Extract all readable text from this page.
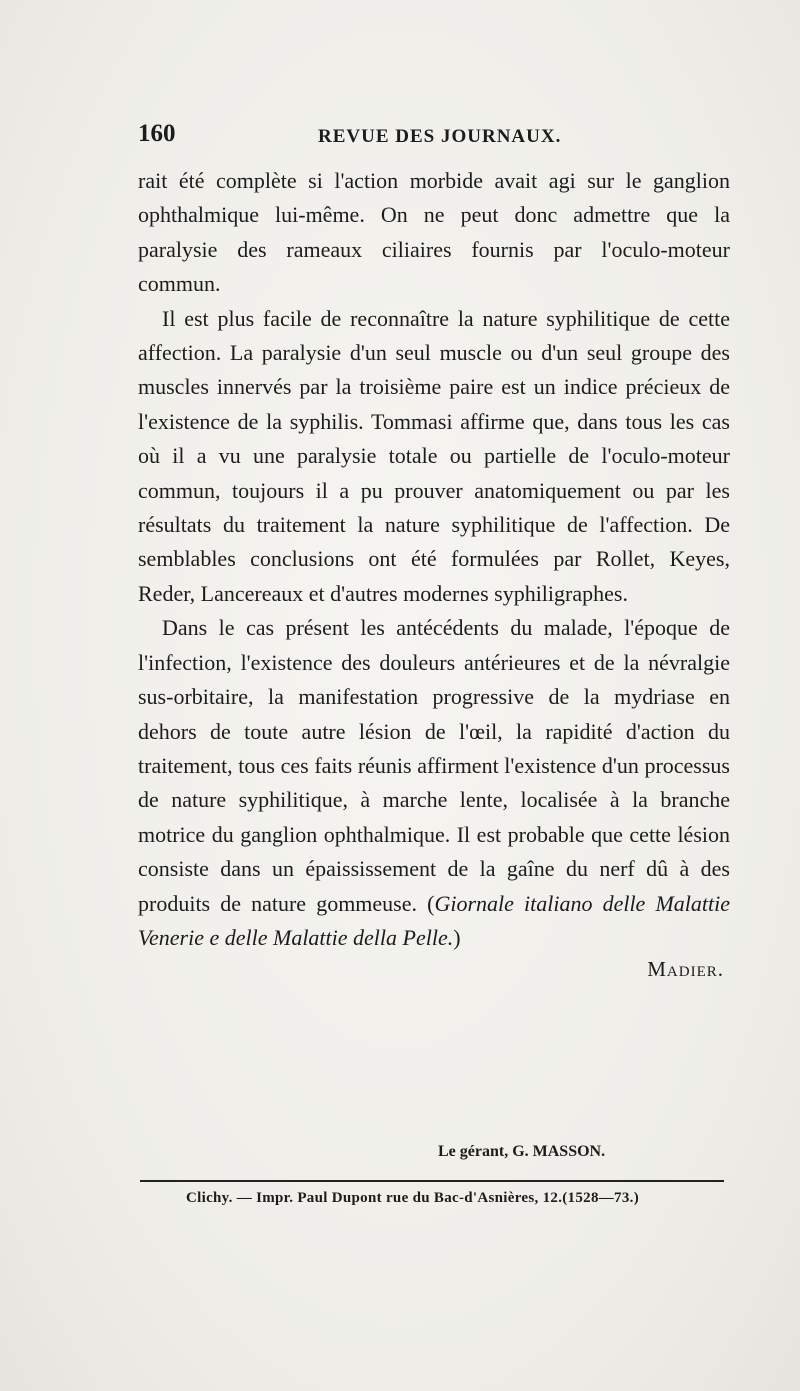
160	REVUE DES JOURNAUX.

rait été complète si l'action morbide avait agi sur le ganglion ophthalmique lui-même. On ne peut donc admettre que la paralysie des rameaux ciliaires fournis par l'oculo-moteur commun.

Il est plus facile de reconnaître la nature syphilitique de cette affection. La paralysie d'un seul muscle ou d'un seul groupe des muscles innervés par la troisième paire est un indice précieux de l'existence de la syphilis. Tommasi affirme que, dans tous les cas où il a vu une paralysie totale ou partielle de l'oculo-moteur commun, toujours il a pu prouver anatomiquement ou par les résultats du traitement la nature syphilitique de l'affection. De semblables conclusions ont été formulées par Rollet, Keyes, Reder, Lancereaux et d'autres modernes syphiligraphes.

Dans le cas présent les antécédents du malade, l'époque de l'infection, l'existence des douleurs antérieures et de la névralgie sus-orbitaire, la manifestation progressive de la mydriase en dehors de toute autre lésion de l'œil, la rapidité d'action du traitement, tous ces faits réunis affirment l'existence d'un processus de nature syphilitique, à marche lente, localisée à la branche motrice du ganglion ophthalmique. Il est probable que cette lésion consiste dans un épaississement de la gaîne du nerf dû à des produits de nature gommeuse. (Giornale italiano delle Malattie Venerie e delle Malattie della Pelle.)

Madier.
Le gérant, G. MASSON.
Clichy. — Impr. Paul Dupont rue du Bac-d'Asnières, 12.(1528—73.)
